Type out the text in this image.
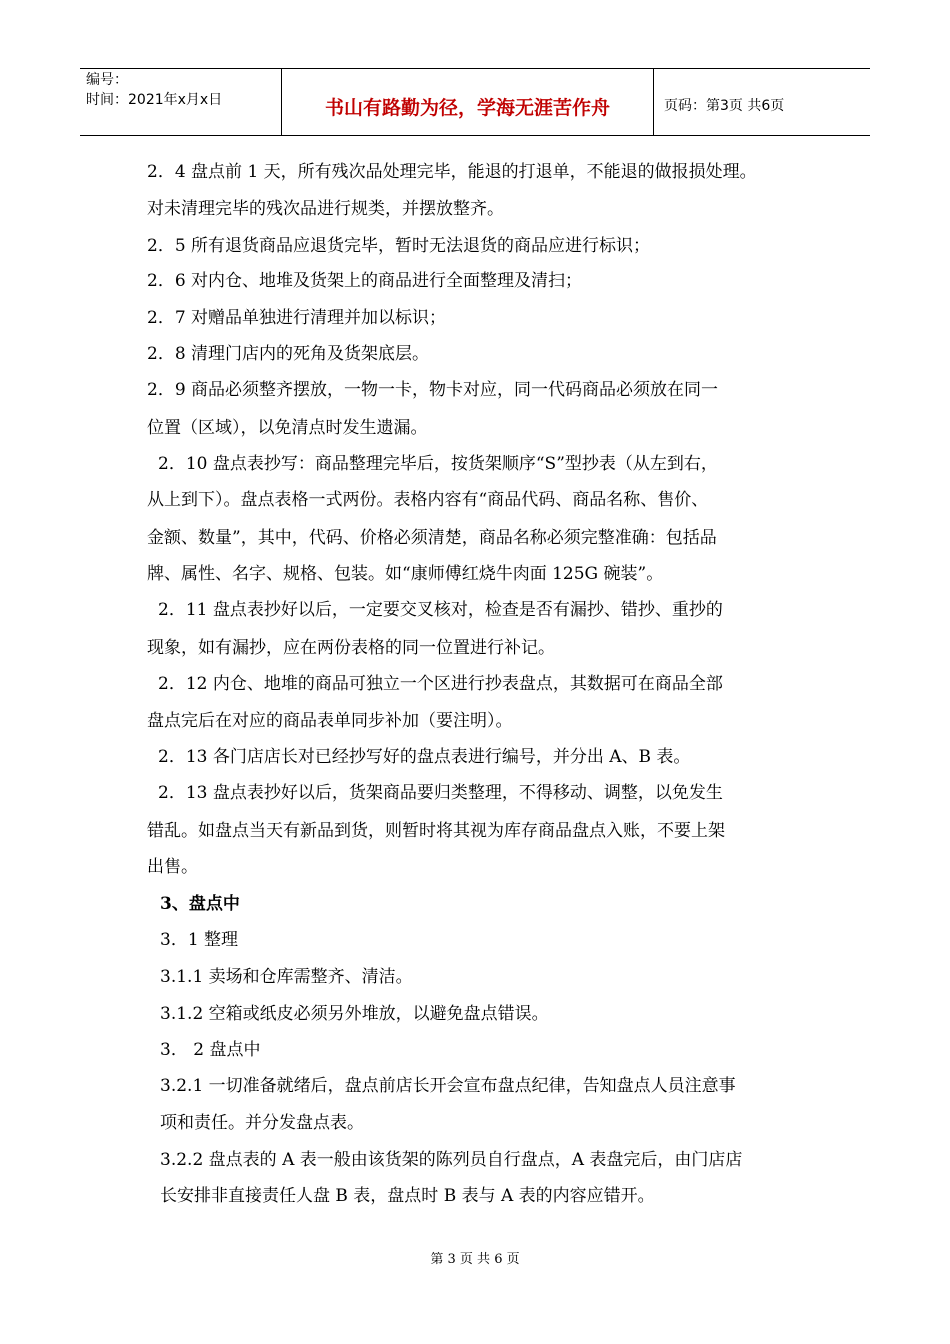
编号：
时间：2021年x月x日	书山有路勤为径，学海无涯苦作舟	页码：第3页 共6页
2．4 盘点前 1 天，所有残次品处理完毕，能退的打退单，不能退的做报损处理。
对未清理完毕的残次品进行规类，并摆放整齐。
2．5 所有退货商品应退货完毕，暂时无法退货的商品应进行标识；
2．6 对内仓、地堆及货架上的商品进行全面整理及清扫；
2．7 对赠品单独进行清理并加以标识；
2．8 清理门店内的死角及货架底层。
2．9 商品必须整齐摆放，一物一卡，物卡对应，同一代码商品必须放在同一
位置（区域），以免清点时发生遗漏。
2．10 盘点表抄写：商品整理完毕后，按货架顺序“S”型抄表（从左到右，
从上到下）。盘点表格一式两份。表格内容有“商品代码、商品名称、售价、
金额、数量”，其中，代码、价格必须清楚，商品名称必须完整准确：包括品
牌、属性、名字、规格、包装。如“康师傅红烧牛肉面 125G 碗装”。
2．11 盘点表抄好以后，一定要交叉核对，检查是否有漏抄、错抄、重抄的
现象，如有漏抄，应在两份表格的同一位置进行补记。
2．12 内仓、地堆的商品可独立一个区进行抄表盘点，其数据可在商品全部
盘点完后在对应的商品表单同步补加（要注明）。
2．13 各门店店长对已经抄写好的盘点表进行编号，并分出 A、B 表。
2．13 盘点表抄好以后，货架商品要归类整理，不得移动、调整，以免发生
错乱。如盘点当天有新品到货，则暂时将其视为库存商品盘点入账，不要上架
出售。
3、盘点中
3．1 整理
3.1.1 卖场和仓库需整齐、清洁。
3.1.2 空箱或纸皮必须另外堆放，以避免盘点错误。
3． 2 盘点中
3.2.1 一切准备就绪后，盘点前店长开会宣布盘点纪律，告知盘点人员注意事
项和责任。并分发盘点表。
3.2.2 盘点表的 A 表一般由该货架的陈列员自行盘点，A 表盘完后，由门店店
长安排非直接责任人盘 B 表，盘点时 B 表与 A 表的内容应错开。
第 3 页 共 6 页
